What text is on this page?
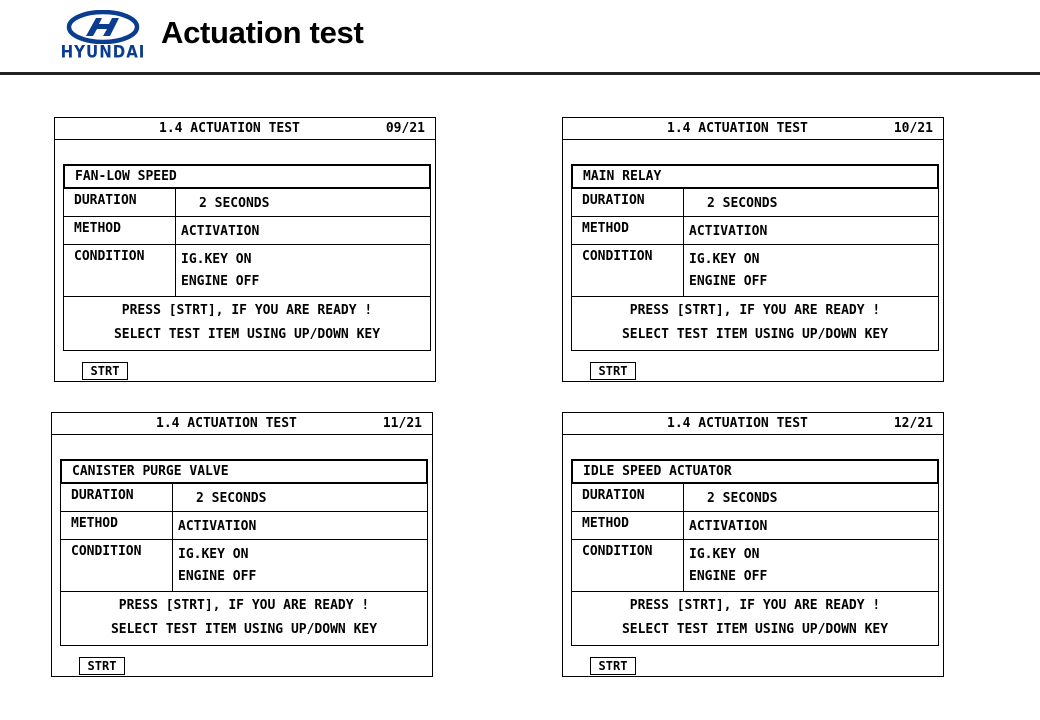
HYUNDAI
Actuation test
1.4 ACTUATION TEST	09/21
FAN-LOW SPEED
DURATION	2 SECONDS
METHOD	ACTIVATION
CONDITION	IG.KEY ON
ENGINE OFF
PRESS [STRT], IF YOU ARE READY !
SELECT TEST ITEM USING UP/DOWN KEY
STRT
1.4 ACTUATION TEST	10/21
MAIN RELAY
DURATION	2 SECONDS
METHOD	ACTIVATION
CONDITION	IG.KEY ON
ENGINE OFF
PRESS [STRT], IF YOU ARE READY !
SELECT TEST ITEM USING UP/DOWN KEY
STRT
1.4 ACTUATION TEST	11/21
CANISTER PURGE VALVE
DURATION	2 SECONDS
METHOD	ACTIVATION
CONDITION	IG.KEY ON
ENGINE OFF
PRESS [STRT], IF YOU ARE READY !
SELECT TEST ITEM USING UP/DOWN KEY
STRT
1.4 ACTUATION TEST	12/21
IDLE SPEED ACTUATOR
DURATION	2 SECONDS
METHOD	ACTIVATION
CONDITION	IG.KEY ON
ENGINE OFF
PRESS [STRT], IF YOU ARE READY !
SELECT TEST ITEM USING UP/DOWN KEY
STRT
